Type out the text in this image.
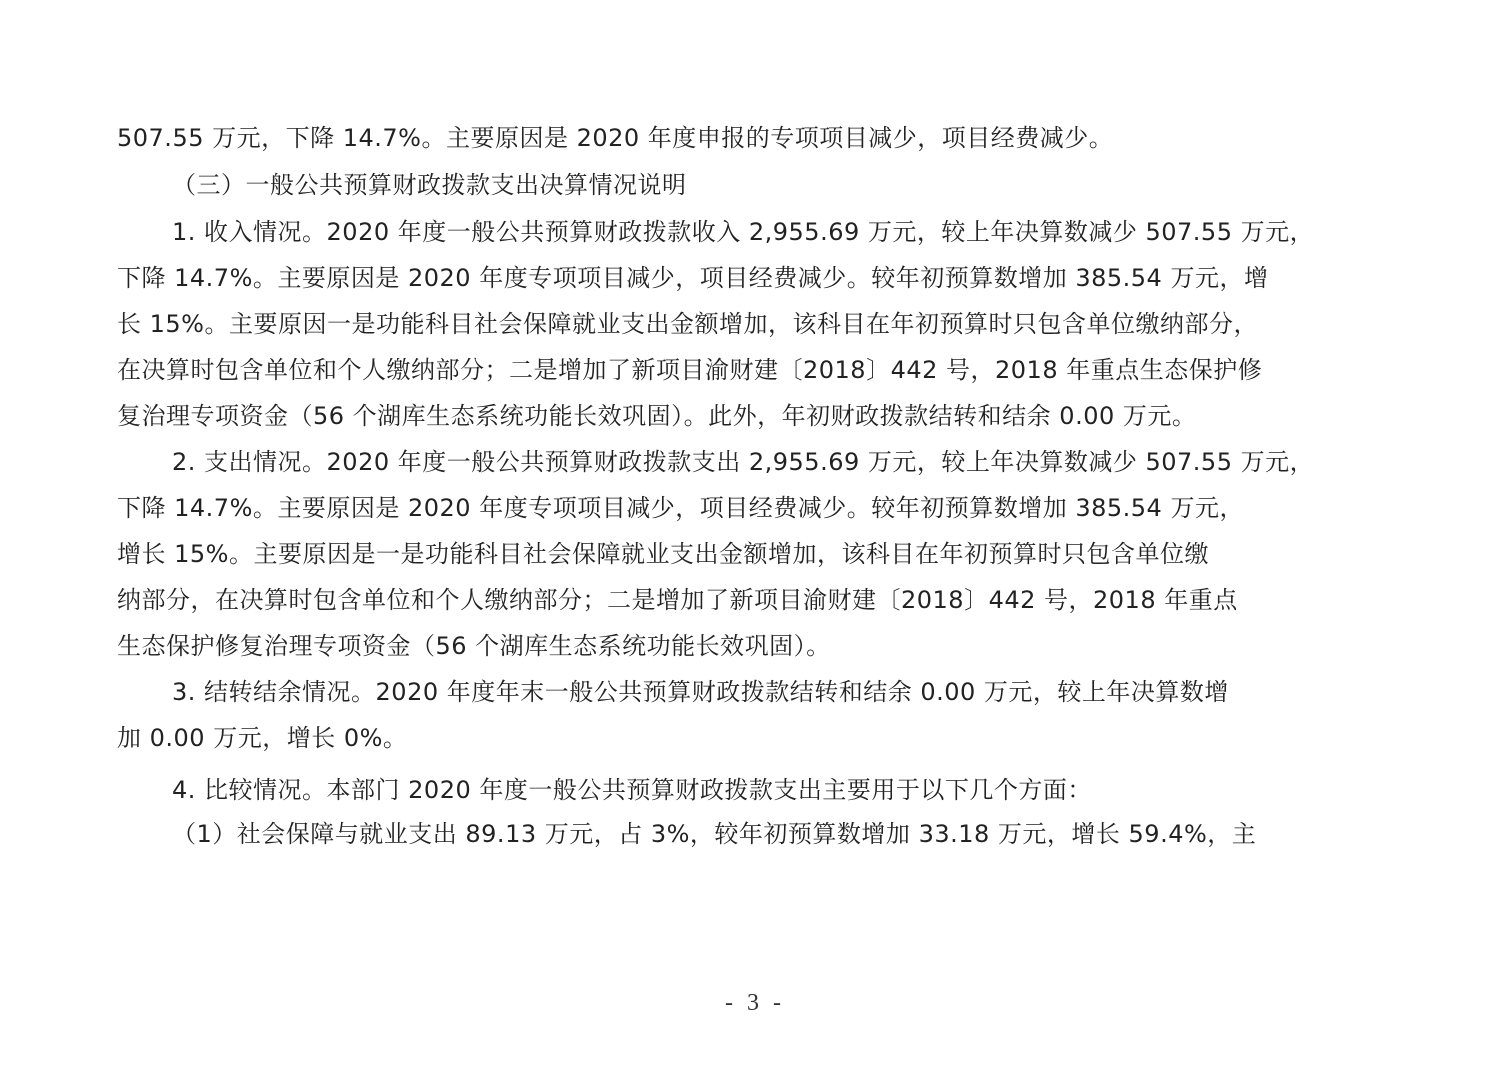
507.55 万元，下降 14.7%。主要原因是 2020 年度申报的专项项目减少，项目经费减少。
（三）一般公共预算财政拨款支出决算情况说明
1. 收入情况。2020 年度一般公共预算财政拨款收入 2,955.69 万元，较上年决算数减少 507.55 万元，
下降 14.7%。主要原因是 2020 年度专项项目减少，项目经费减少。较年初预算数增加 385.54 万元，增
长 15%。主要原因一是功能科目社会保障就业支出金额增加，该科目在年初预算时只包含单位缴纳部分，
在决算时包含单位和个人缴纳部分；二是增加了新项目渝财建〔2018〕442 号，2018 年重点生态保护修
复治理专项资金（56 个湖库生态系统功能长效巩固）。此外，年初财政拨款结转和结余 0.00 万元。
2. 支出情况。2020 年度一般公共预算财政拨款支出 2,955.69 万元，较上年决算数减少 507.55 万元，
下降 14.7%。主要原因是 2020 年度专项项目减少，项目经费减少。较年初预算数增加 385.54 万元，
增长 15%。主要原因是一是功能科目社会保障就业支出金额增加，该科目在年初预算时只包含单位缴
纳部分，在决算时包含单位和个人缴纳部分；二是增加了新项目渝财建〔2018〕442 号，2018 年重点
生态保护修复治理专项资金（56 个湖库生态系统功能长效巩固）。
3. 结转结余情况。2020 年度年末一般公共预算财政拨款结转和结余 0.00 万元，较上年决算数增
加 0.00 万元，增长 0%。
4. 比较情况。本部门 2020 年度一般公共预算财政拨款支出主要用于以下几个方面：
（1）社会保障与就业支出 89.13 万元，占 3%，较年初预算数增加 33.18 万元，增长 59.4%，主
- 3 -
